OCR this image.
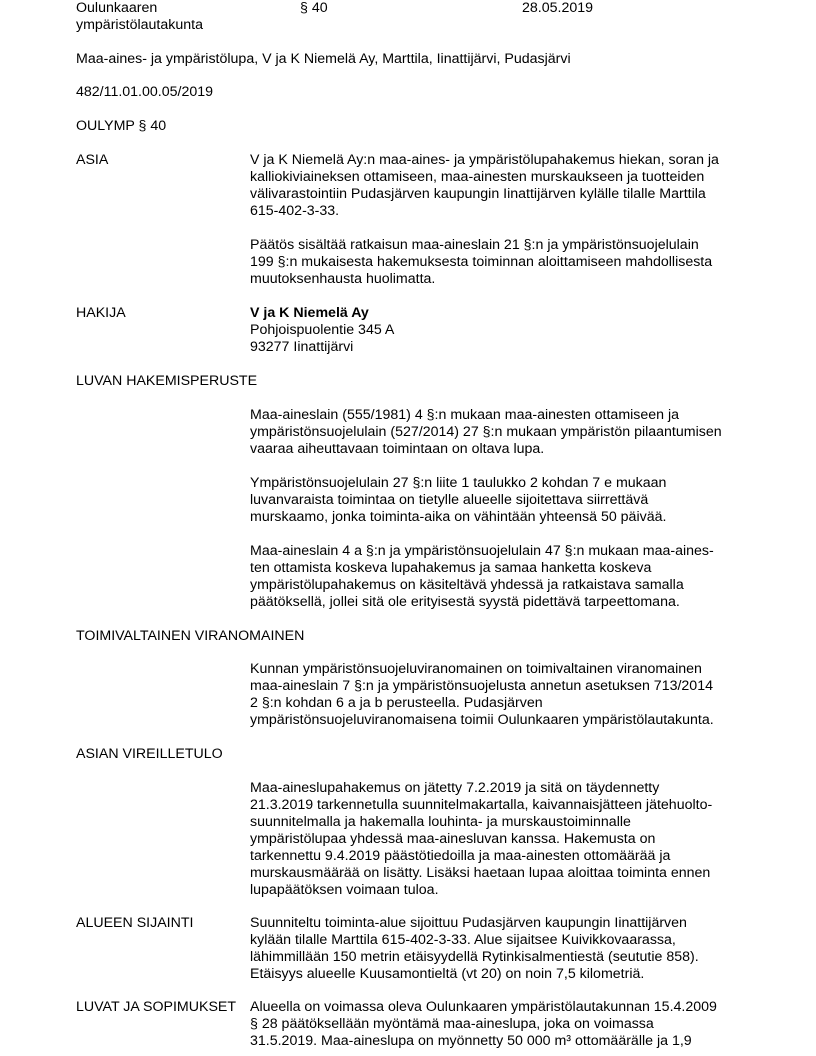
Oulunkaaren
ympäristölautakunta

§ 40	28.05.2019

Maa-aines- ja ympäristölupa, V ja K Niemelä Ay, Marttila, Iinattijärvi, Pudasjärvi

482/11.01.00.05/2019

OULYMP § 40

ASIA	V ja K Niemelä Ay:n maa-aines- ja ympäristölupahakemus hiekan, soran ja
kalliokiviaineksen ottamiseen, maa-ainesten murskaukseen ja tuotteiden
välivarastointiin Pudasjärven kaupungin Iinattijärven kylälle tilalle Marttila
615-402-3-33.

Päätös sisältää ratkaisun maa-aineslain 21 §:n ja ympäristönsuojelulain
199 §:n mukaisesta hakemuksesta toiminnan aloittamiseen mahdollisesta
muutoksenhausta huolimatta.

HAKIJA	V ja K Niemelä Ay

Pohjoispuolentie 345 A
93277 Iinattijärvi

LUVAN HAKEMISPERUSTE

Maa-aineslain (555/1981) 4 §:n mukaan maa-ainesten ottamiseen ja
ympäristönsuojelulain (527/2014) 27 §:n mukaan ympäristön pilaantumisen
vaaraa aiheuttavaan toimintaan on oltava lupa.

Ympäristönsuojelulain 27 §:n liite 1 taulukko 2 kohdan 7 e mukaan
luvanvaraista toimintaa on tietylle alueelle sijoitettava siirrettävä
murskaamo, jonka toiminta-aika on vähintään yhteensä 50 päivää.

Maa-aineslain 4 a §:n ja ympäristönsuojelulain 47 §:n mukaan maa-aines-
ten ottamista koskeva lupahakemus ja samaa hanketta koskeva
ympäristölupahakemus on käsiteltävä yhdessä ja ratkaistava samalla
päätöksellä, jollei sitä ole erityisestä syystä pidettävä tarpeettomana.

TOIMIVALTAINEN VIRANOMAINEN

Kunnan ympäristönsuojeluviranomainen on toimivaltainen viranomainen
maa-aineslain 7 §:n ja ympäristönsuojelusta annetun asetuksen 713/2014
2 §:n kohdan 6 a ja b perusteella. Pudasjärven
ympäristönsuojeluviranomaisena toimii Oulunkaaren ympäristölautakunta.

ASIAN VIREILLETULO

Maa-aineslupahakemus on jätetty 7.2.2019 ja sitä on täydennetty
21.3.2019 tarkennetulla suunnitelmakartalla, kaivannaisjätteen jätehuolto-
suunnitelmalla ja hakemalla louhinta- ja murskaustoiminnalle
ympäristölupaa yhdessä maa-ainesluvan kanssa. Hakemusta on
tarkennettu 9.4.2019 päästötiedoilla ja maa-ainesten ottomäärää ja
murskausmäärää on lisätty. Lisäksi haetaan lupaa aloittaa toiminta ennen
lupapäätöksen voimaan tuloa.

ALUEEN SIJAINTI	Suunniteltu toiminta-alue sijoittuu Pudasjärven kaupungin Iinattijärven
kylään tilalle Marttila 615-402-3-33. Alue sijaitsee Kuivikkovaarassa,
lähimmillään 150 metrin etäisyydellä Rytinkisalmentiestä (seututie 858).
Etäisyys alueelle Kuusamontieltä (vt 20) on noin 7,5 kilometriä.

LUVAT JA SOPIMUKSET Alueella on voimassa oleva Oulunkaaren ympäristölautakunnan 15.4.2009
§ 28 päätöksellään myöntämä maa-aineslupa, joka on voimassa
31.5.2019. Maa-aineslupa on myönnetty 50 000 m³ ottomäärälle ja 1,9
